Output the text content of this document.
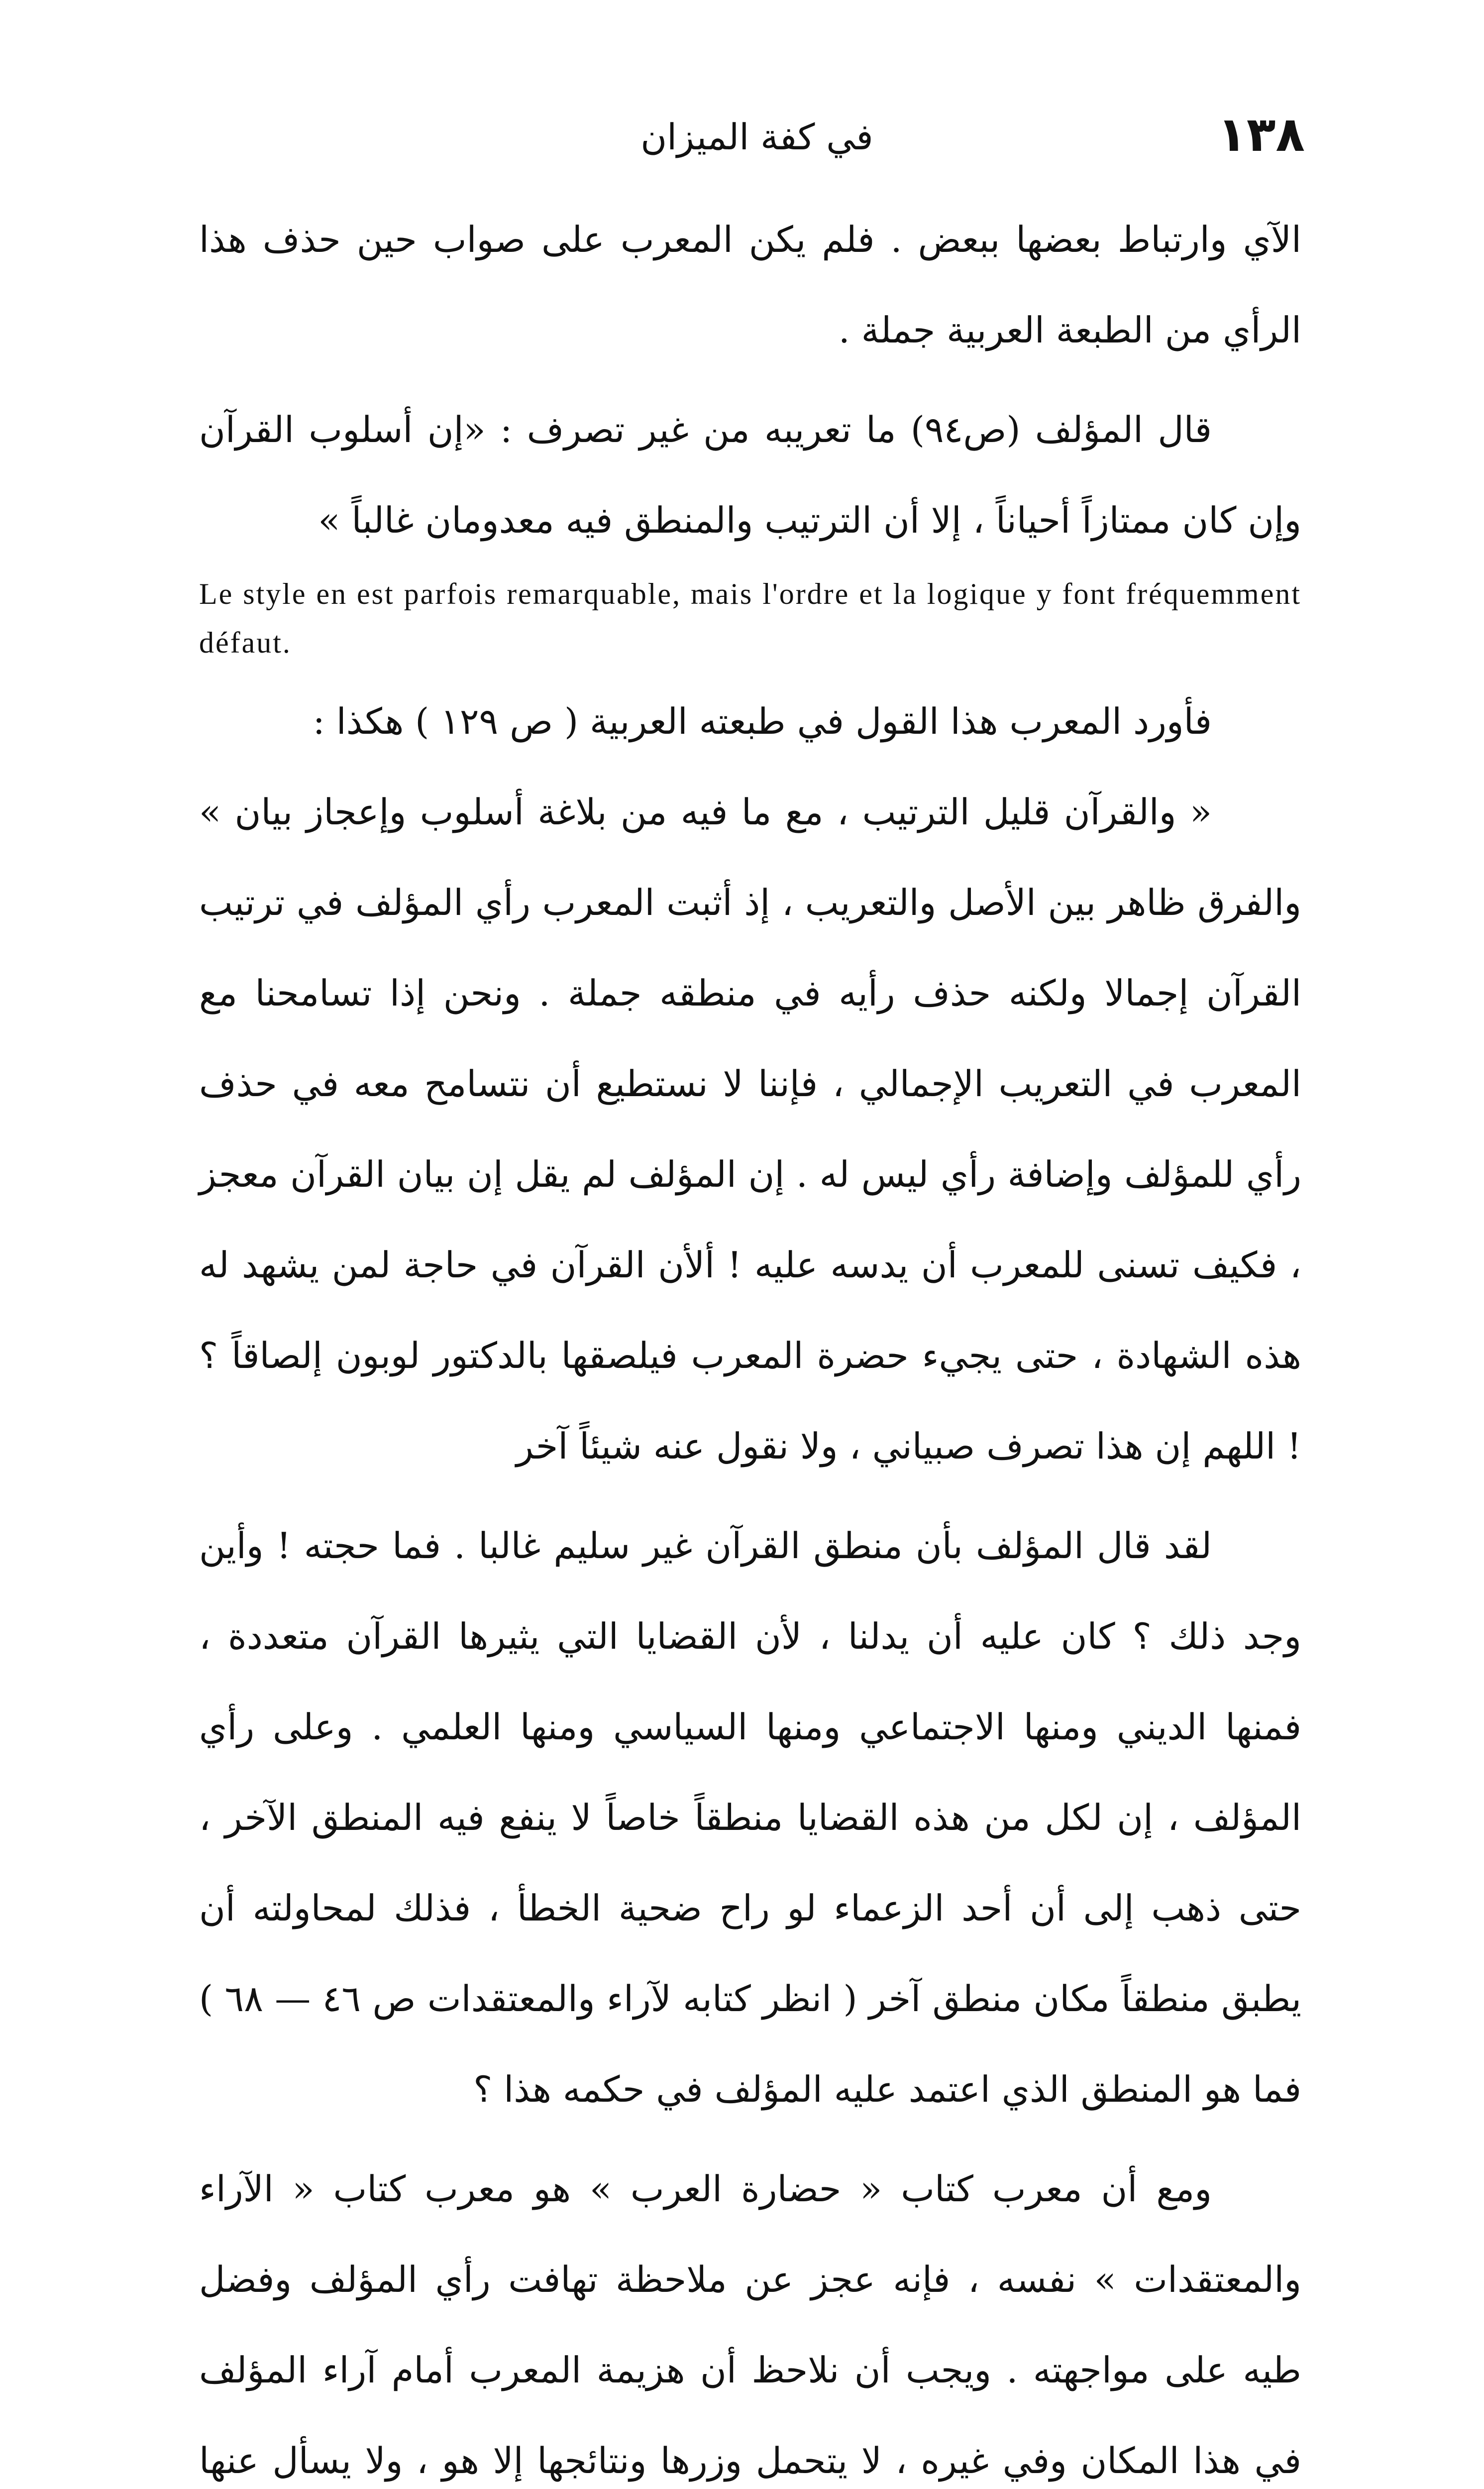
١٣٨
في كفة الميزان

الآي وارتباط بعضها ببعض . فلم يكن المعرب على صواب حين حذف هذا الرأي من الطبعة العربية جملة .

قال المؤلف (ص٩٤) ما تعريبه من غير تصرف : «إن أسلوب القرآن وإن كان ممتازاً أحياناً ، إلا أن الترتيب والمنطق فيه معدومان غالباً »

Le style en est parfois remarquable, mais l'ordre et la logique y font fréquemment défaut.

فأورد المعرب هذا القول في طبعته العربية ( ص ١٢٩ ) هكذا :

« والقرآن قليل الترتيب ، مع ما فيه من بلاغة أسلوب وإعجاز بيان » والفرق ظاهر بين الأصل والتعريب ، إذ أثبت المعرب رأي المؤلف في ترتيب القرآن إجمالا ولكنه حذف رأيه في منطقه جملة . ونحن إذا تسامحنا مع المعرب في التعريب الإجمالي ، فإننا لا نستطيع أن نتسامح معه في حذف رأي للمؤلف وإضافة رأي ليس له . إن المؤلف لم يقل إن بيان القرآن معجز ، فكيف تسنى للمعرب أن يدسه عليه ! ألأن القرآن في حاجة لمن يشهد له هذه الشهادة ، حتى يجيء حضرة المعرب فيلصقها بالدكتور لوبون إلصاقاً ؟ ! اللهم إن هذا تصرف صبياني ، ولا نقول عنه شيئاً آخر

لقد قال المؤلف بأن منطق القرآن غير سليم غالبا . فما حجته ! وأين وجد ذلك ؟ كان عليه أن يدلنا ، لأن القضايا التي يثيرها القرآن متعددة ، فمنها الديني ومنها الاجتماعي ومنها السياسي ومنها العلمي . وعلى رأي المؤلف ، إن لكل من هذه القضايا منطقاً خاصاً لا ينفع فيه المنطق الآخر ، حتى ذهب إلى أن أحد الزعماء لو راح ضحية الخطأ ، فذلك لمحاولته أن يطبق منطقاً مكان منطق آخر ( انظر كتابه لآراء والمعتقدات ص ٤٦ — ٦٨ ) فما هو المنطق الذي اعتمد عليه المؤلف في حكمه هذا ؟

ومع أن معرب كتاب « حضارة العرب » هو معرب كتاب « الآراء والمعتقدات » نفسه ، فإنه عجز عن ملاحظة تهافت رأي المؤلف وفضل طيه على مواجهته . ويجب أن نلاحظ أن هزيمة المعرب أمام آراء المؤلف في هذا المكان وفي غيره ، لا يتحمل وزرها ونتائجها إلا هو ، ولا يسأل عنها
